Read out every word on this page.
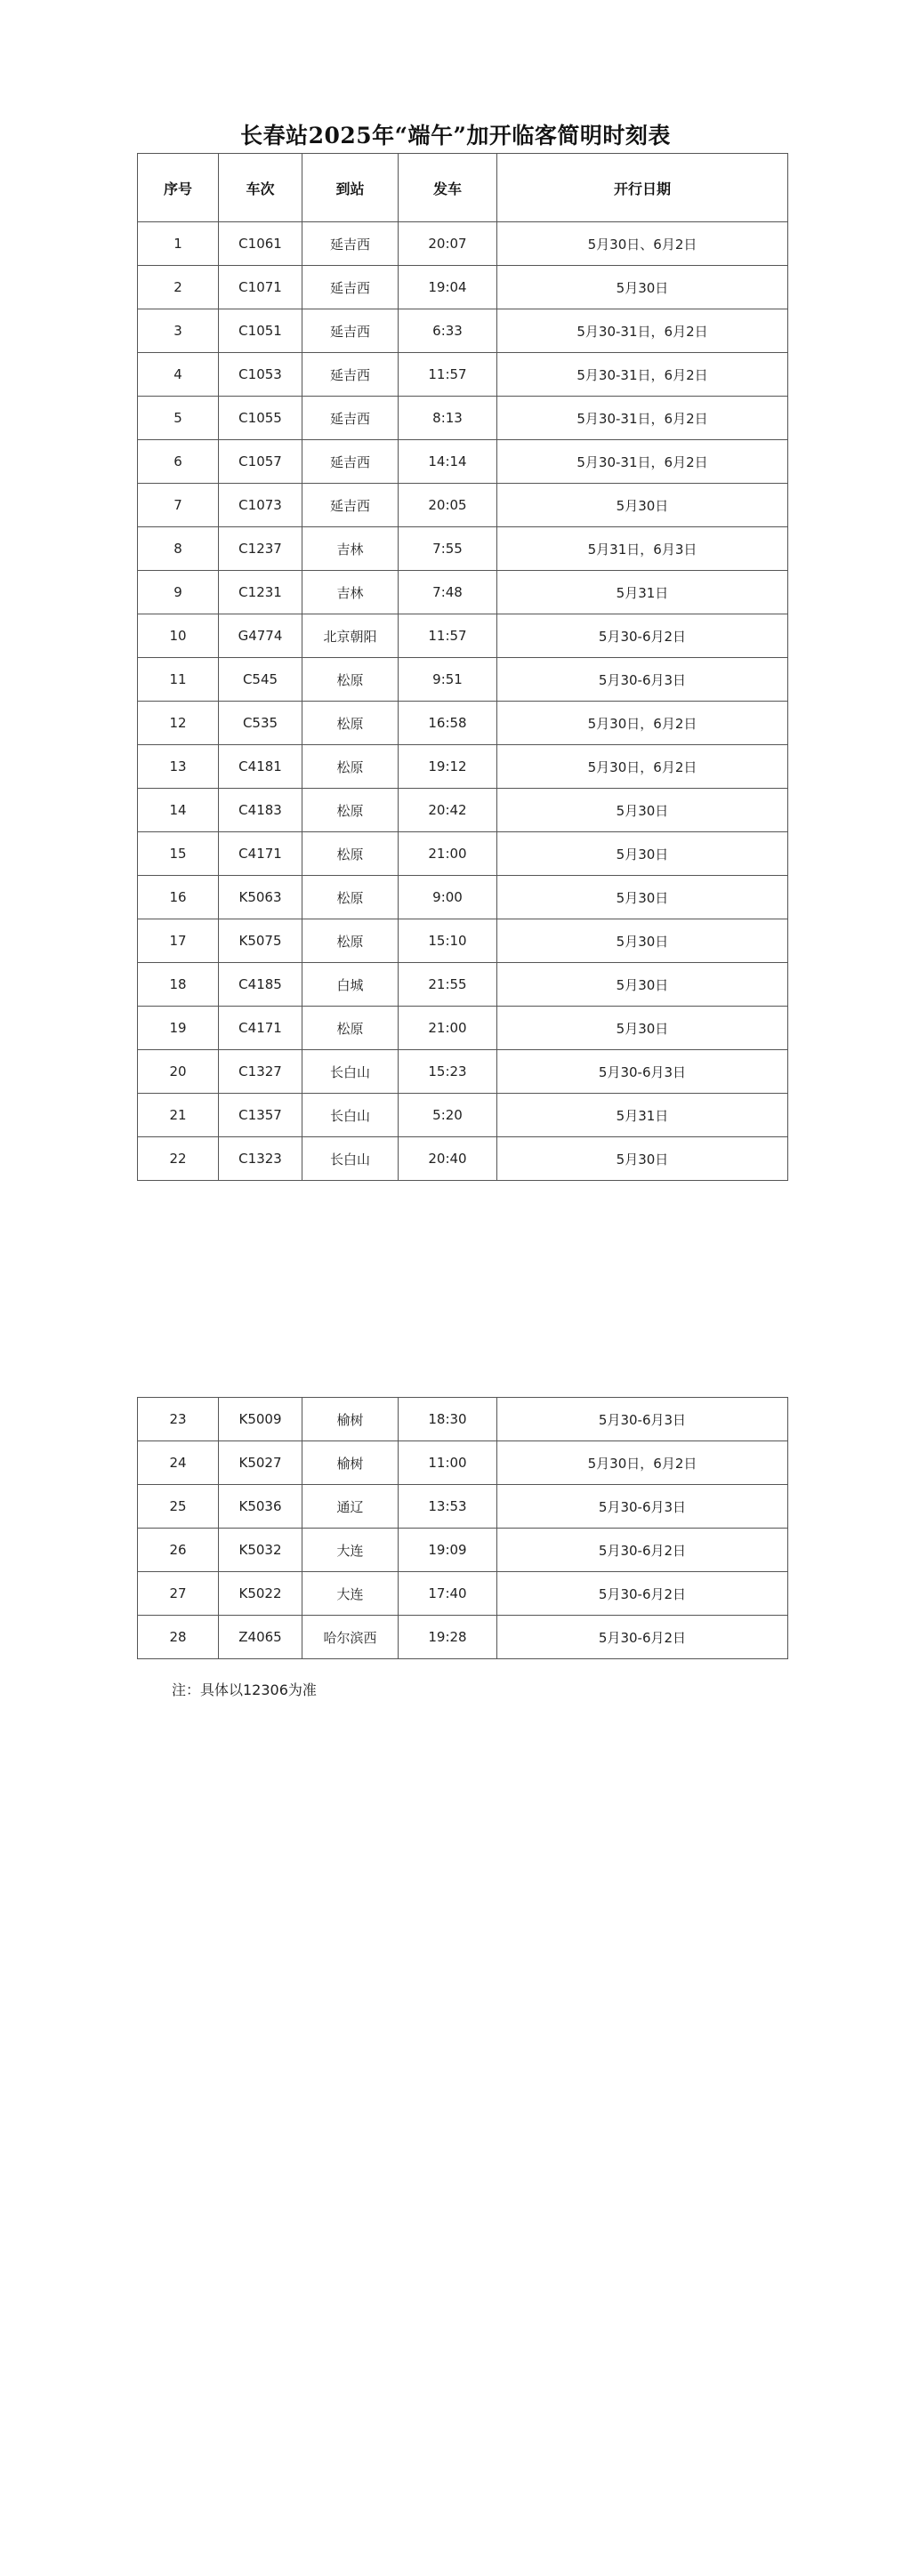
长春站2025年“端午”加开临客简明时刻表
序号	车次	到站	发车	开行日期
1	C1061	延吉西	20:07	5月30日、6月2日
2	C1071	延吉西	19:04	5月30日
3	C1051	延吉西	6:33	5月30-31日，6月2日
4	C1053	延吉西	11:57	5月30-31日，6月2日
5	C1055	延吉西	8:13	5月30-31日，6月2日
6	C1057	延吉西	14:14	5月30-31日，6月2日
7	C1073	延吉西	20:05	5月30日
8	C1237	吉林	7:55	5月31日，6月3日
9	C1231	吉林	7:48	5月31日
10	G4774	北京朝阳	11:57	5月30-6月2日
11	C545	松原	9:51	5月30-6月3日
12	C535	松原	16:58	5月30日，6月2日
13	C4181	松原	19:12	5月30日，6月2日
14	C4183	松原	20:42	5月30日
15	C4171	松原	21:00	5月30日
16	K5063	松原	9:00	5月30日
17	K5075	松原	15:10	5月30日
18	C4185	白城	21:55	5月30日
19	C4171	松原	21:00	5月30日
20	C1327	长白山	15:23	5月30-6月3日
21	C1357	长白山	5:20	5月31日
22	C1323	长白山	20:40	5月30日
23	K5009	榆树	18:30	5月30-6月3日
24	K5027	榆树	11:00	5月30日，6月2日
25	K5036	通辽	13:53	5月30-6月3日
26	K5032	大连	19:09	5月30-6月2日
27	K5022	大连	17:40	5月30-6月2日
28	Z4065	哈尔滨西	19:28	5月30-6月2日
注：具体以12306为准
